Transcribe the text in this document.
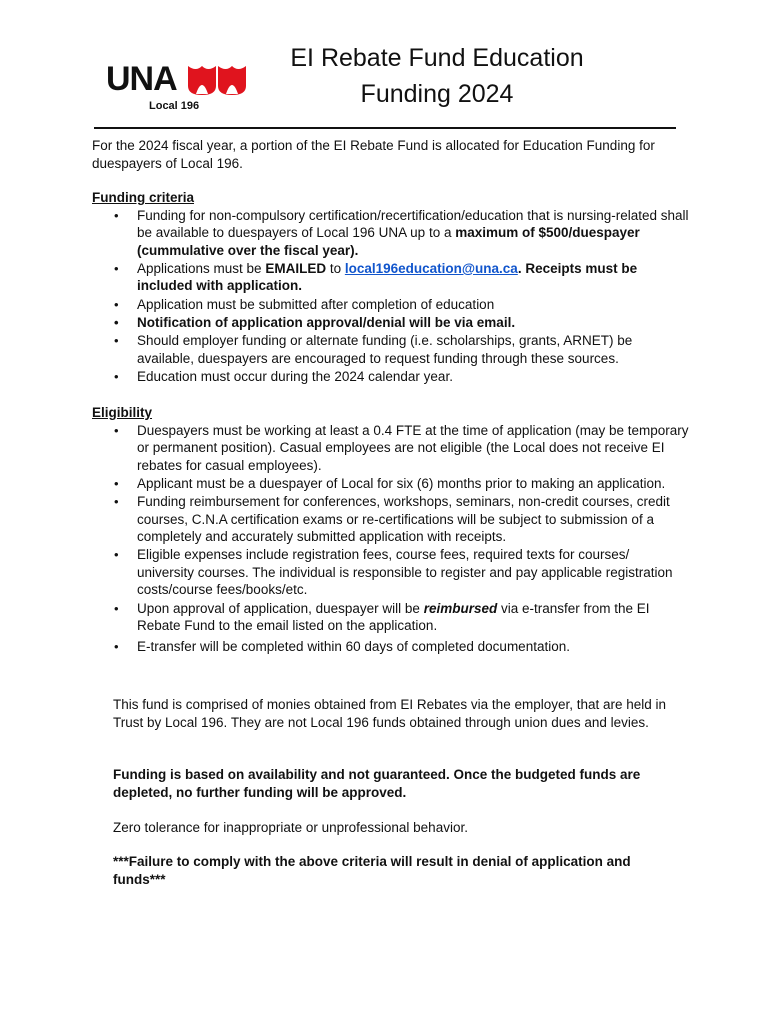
UNA
Local 196
EI Rebate Fund Education
Funding 2024
For the 2024 fiscal year, a portion of the EI Rebate Fund is allocated for Education Funding for duespayers of Local 196.
Funding criteria
• Funding for non-compulsory certification/recertification/education that is nursing-related shall be available to duespayers of Local 196 UNA up to a maximum of $500/duespayer (cummulative over the fiscal year).
• Applications must be EMAILED to local196education@una.ca. Receipts must be included with application.
• Application must be submitted after completion of education
• Notification of application approval/denial will be via email.
• Should employer funding or alternate funding (i.e. scholarships, grants, ARNET) be available, duespayers are encouraged to request funding through these sources.
• Education must occur during the 2024 calendar year.
Eligibility
• Duespayers must be working at least a 0.4 FTE at the time of application (may be temporary or permanent position). Casual employees are not eligible (the Local does not receive EI rebates for casual employees).
• Applicant must be a duespayer of Local for six (6) months prior to making an application.
• Funding reimbursement for conferences, workshops, seminars, non-credit courses, credit courses, C.N.A certification exams or re-certifications will be subject to submission of a completely and accurately submitted application with receipts.
• Eligible expenses include registration fees, course fees, required texts for courses/ university courses. The individual is responsible to register and pay applicable registration costs/course fees/books/etc.
• Upon approval of application, duespayer will be reimbursed via e-transfer from the EI Rebate Fund to the email listed on the application.
• E-transfer will be completed within 60 days of completed documentation.
This fund is comprised of monies obtained from EI Rebates via the employer, that are held in Trust by Local 196. They are not Local 196 funds obtained through union dues and levies.
Funding is based on availability and not guaranteed. Once the budgeted funds are depleted, no further funding will be approved.
Zero tolerance for inappropriate or unprofessional behavior.
***Failure to comply with the above criteria will result in denial of application and funds***
